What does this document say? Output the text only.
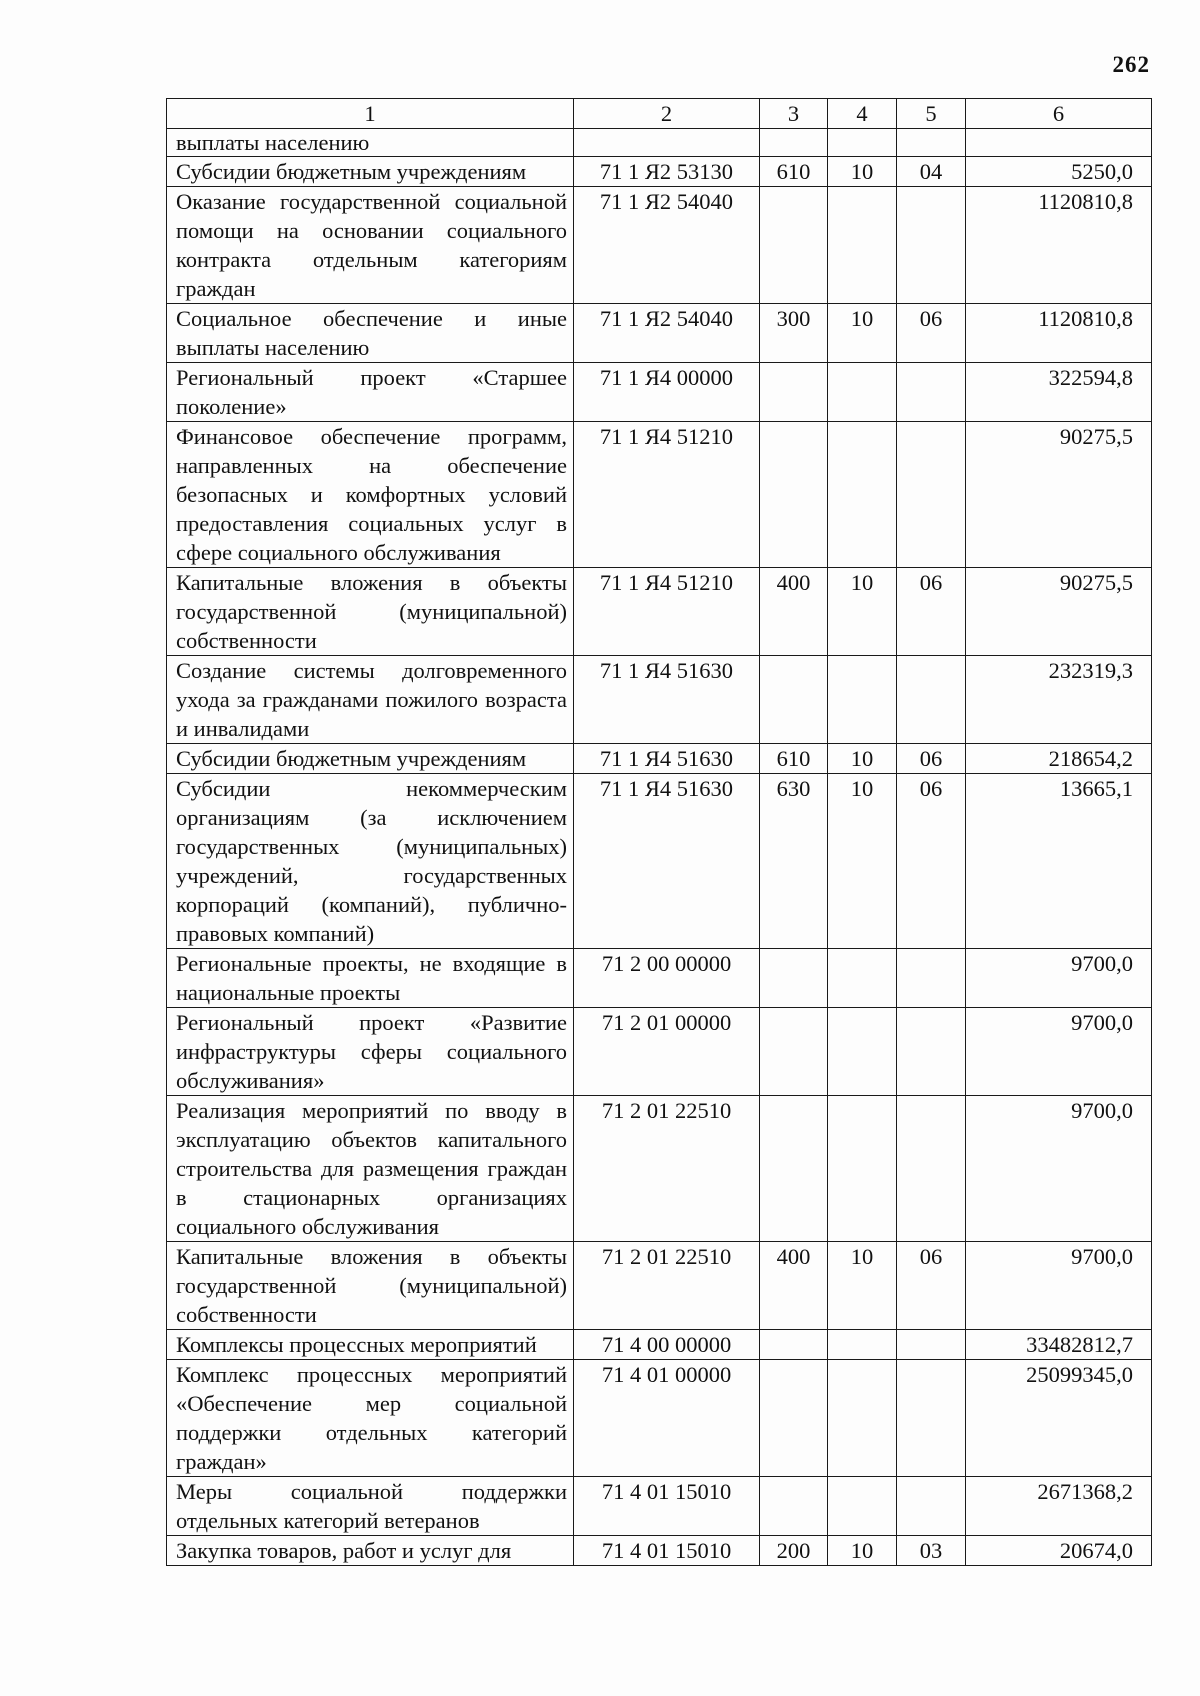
262
1	2	3	4	5	6
выплаты населению					
Субсидии бюджетным учреждениям	71 1 Я2 53130	610	10	04	5250,0
Оказание государственной социальной помощи на основании социального контракта отдельным категориям граждан	71 1 Я2 54040				1120810,8
Социальное обеспечение и иные выплаты населению	71 1 Я2 54040	300	10	06	1120810,8
Региональный проект «Старшее поколение»	71 1 Я4 00000				322594,8
Финансовое обеспечение программ, направленных на обеспечение безопасных и комфортных условий предоставления социальных услуг в сфере социального обслуживания	71 1 Я4 51210				90275,5
Капитальные вложения в объекты государственной (муниципальной) собственности	71 1 Я4 51210	400	10	06	90275,5
Создание системы долговременного ухода за гражданами пожилого возраста и инвалидами	71 1 Я4 51630				232319,3
Субсидии бюджетным учреждениям	71 1 Я4 51630	610	10	06	218654,2
Субсидии некоммерческим организациям (за исключением государственных (муниципальных) учреждений, государственных корпораций (компаний), публично-правовых компаний)	71 1 Я4 51630	630	10	06	13665,1
Региональные проекты, не входящие в национальные проекты	71 2 00 00000				9700,0
Региональный проект «Развитие инфраструктуры сферы социального обслуживания»	71 2 01 00000				9700,0
Реализация мероприятий по вводу в эксплуатацию объектов капитального строительства для размещения граждан в стационарных организациях социального обслуживания	71 2 01 22510				9700,0
Капитальные вложения в объекты государственной (муниципальной) собственности	71 2 01 22510	400	10	06	9700,0
Комплексы процессных мероприятий	71 4 00 00000				33482812,7
Комплекс процессных мероприятий «Обеспечение мер социальной поддержки отдельных категорий граждан»	71 4 01 00000				25099345,0
Меры социальной поддержки отдельных категорий ветеранов	71 4 01 15010				2671368,2
Закупка товаров, работ и услуг для	71 4 01 15010	200	10	03	20674,0
